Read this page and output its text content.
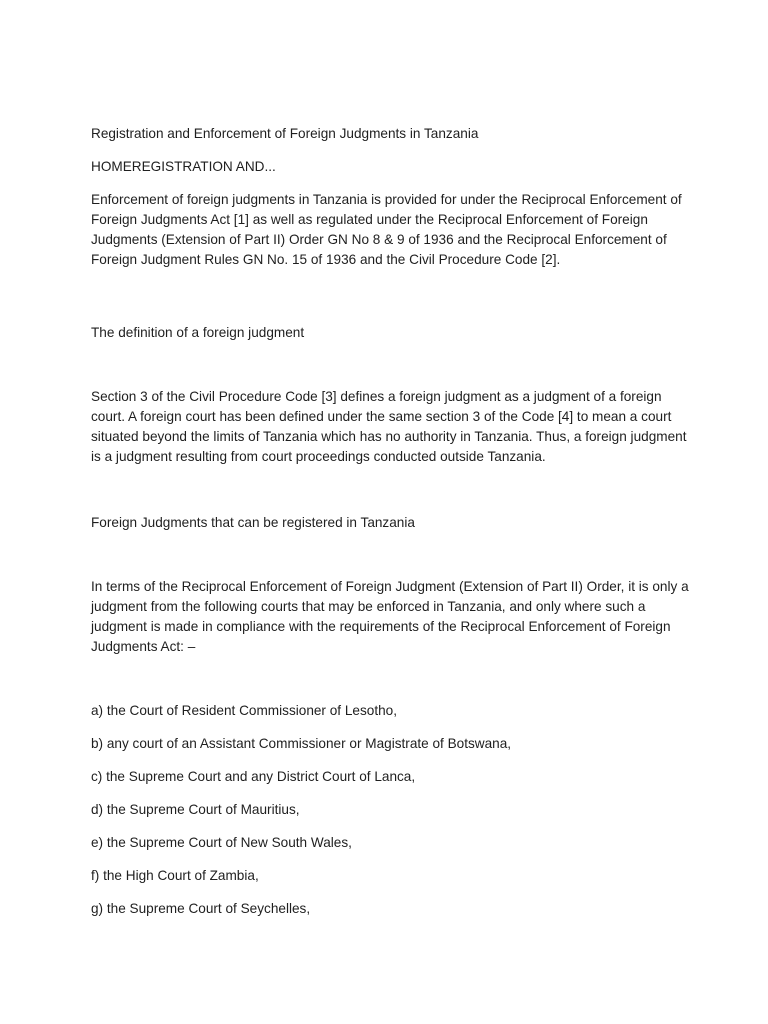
Registration and Enforcement of Foreign Judgments in Tanzania

HOMEREGISTRATION AND...

Enforcement of foreign judgments in Tanzania is provided for under the Reciprocal Enforcement of Foreign Judgments Act [1] as well as regulated under the Reciprocal Enforcement of Foreign Judgments (Extension of Part II) Order GN No 8 & 9 of 1936 and the Reciprocal Enforcement of Foreign Judgment Rules GN No. 15 of 1936 and the Civil Procedure Code [2].

The definition of a foreign judgment

Section 3 of the Civil Procedure Code [3] defines a foreign judgment as a judgment of a foreign court. A foreign court has been defined under the same section 3 of the Code [4] to mean a court situated beyond the limits of Tanzania which has no authority in Tanzania. Thus, a foreign judgment is a judgment resulting from court proceedings conducted outside Tanzania.

Foreign Judgments that can be registered in Tanzania

In terms of the Reciprocal Enforcement of Foreign Judgment (Extension of Part II) Order, it is only a judgment from the following courts that may be enforced in Tanzania, and only where such a judgment is made in compliance with the requirements of the Reciprocal Enforcement of Foreign Judgments Act: –

a) the Court of Resident Commissioner of Lesotho,
b) any court of an Assistant Commissioner or Magistrate of Botswana,
c) the Supreme Court and any District Court of Lanca,
d) the Supreme Court of Mauritius,
e) the Supreme Court of New South Wales,
f) the High Court of Zambia,
g) the Supreme Court of Seychelles,
